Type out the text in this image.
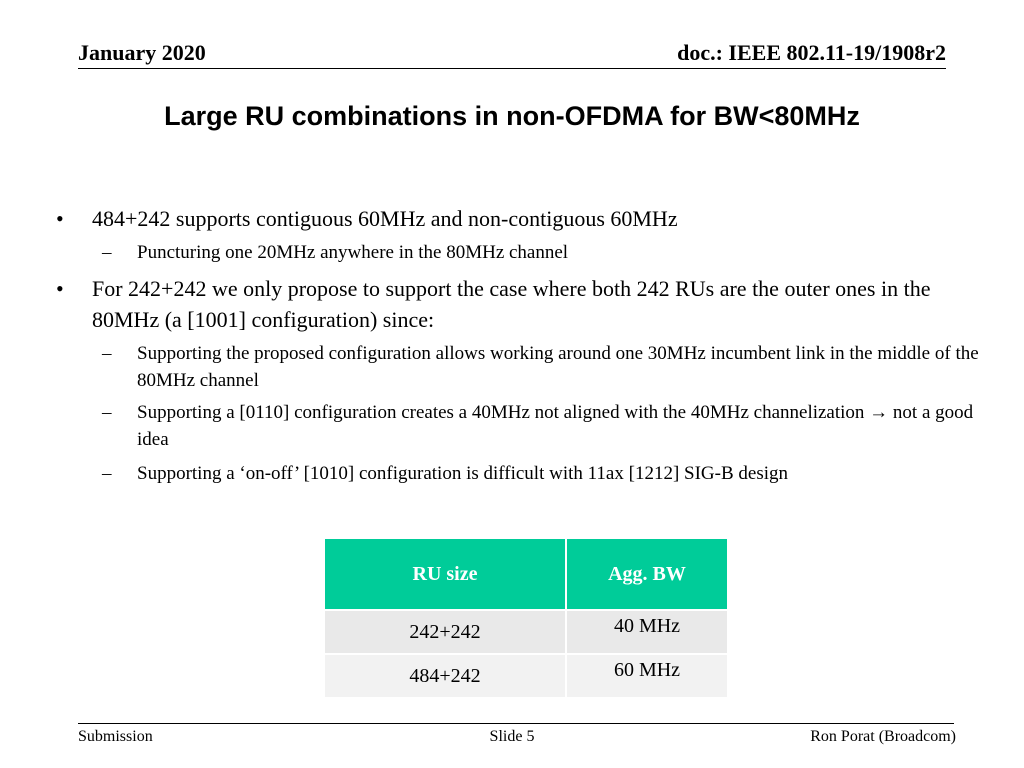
January 2020	doc.: IEEE 802.11-19/1908r2
Large RU combinations in non-OFDMA for BW<80MHz
• 484+242 supports contiguous 60MHz and non-contiguous 60MHz
– Puncturing one 20MHz anywhere in the 80MHz channel
• For 242+242 we only propose to support the case where both 242 RUs are the outer ones in the 80MHz (a [1001] configuration) since:
– Supporting the proposed configuration allows working around one 30MHz incumbent link in the middle of the 80MHz channel
– Supporting a [0110] configuration creates a 40MHz not aligned with the 40MHz channelization → not a good idea
– Supporting a ‘on-off’ [1010] configuration is difficult with 11ax [1212] SIG-B design
RU size	Agg. BW
242+242	40 MHz
484+242	60 MHz
Submission	Slide 5	Ron Porat (Broadcom)
